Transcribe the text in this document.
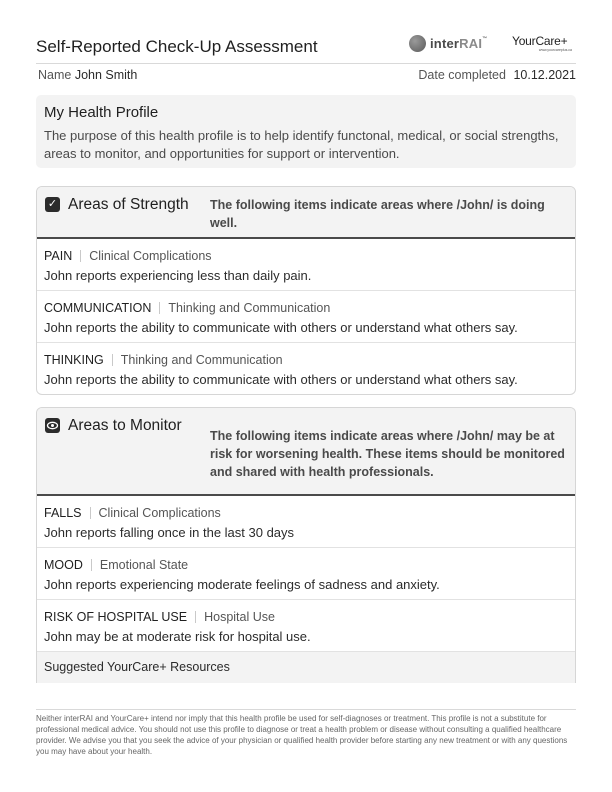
Self-Reported Check-Up Assessment	interRAI™ YourCare+
www.yourcareplus.ca
Name John Smith	Date completed 10.12.2021
My Health Profile
The purpose of this health profile is to help identify functonal, medical, or social strengths, areas to monitor, and opportunities for support or intervention.
✓ Areas of Strength The following items indicate areas where /John/ is doing well.
PAIN Clinical Complications
John reports experiencing less than daily pain.
COMMUNICATION Thinking and Communication
John reports the ability to communicate with others or understand what others say.
THINKING Thinking and Communication
John reports the ability to communicate with others or understand what others say.
Areas to Monitor
The following items indicate areas where /John/ may be at risk for worsening health. These items should be monitored and shared with health professionals.
FALLS Clinical Complications
John reports falling once in the last 30 days
MOOD Emotional State
John reports experiencing moderate feelings of sadness and anxiety.
RISK OF HOSPITAL USE Hospital Use
John may be at moderate risk for hospital use.
Suggested YourCare+ Resources
Neither interRAI and YourCare+ intend nor imply that this health profile be used for self-diagnoses or treatment. This profile is not a substitute for professional medical advice. You should not use this profile to diagnose or treat a health problem or disease without consulting a qualified healthcare provider. We advise you that you seek the advice of your physician or qualified health provider before starting any new treatment or with any questions you may have about your health.
